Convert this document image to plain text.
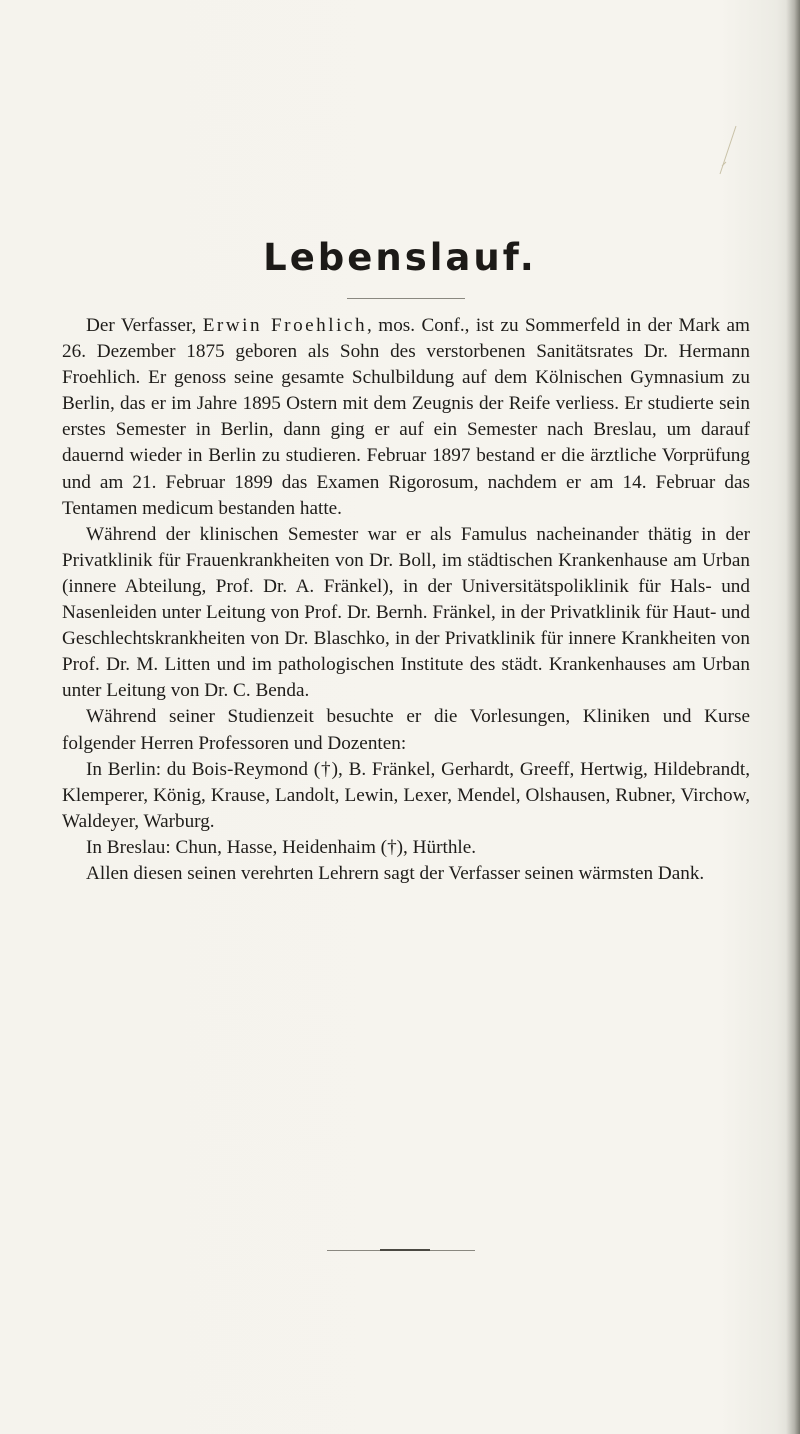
Lebenslauf.

Der Verfasser, Erwin Froehlich, mos. Conf., ist zu Sommerfeld in der Mark am 26. Dezember 1875 geboren als Sohn des verstorbenen Sanitätsrates Dr. Hermann Froehlich. Er genoss seine gesamte Schulbildung auf dem Kölnischen Gymnasium zu Berlin, das er im Jahre 1895 Ostern mit dem Zeugnis der Reife verliess. Er studierte sein erstes Semester in Berlin, dann ging er auf ein Semester nach Breslau, um darauf dauernd wieder in Berlin zu studieren. Februar 1897 bestand er die ärztliche Vorprüfung und am 21. Februar 1899 das Examen Rigorosum, nachdem er am 14. Februar das Tentamen medicum bestanden hatte.

Während der klinischen Semester war er als Famulus nacheinander thätig in der Privatklinik für Frauenkrankheiten von Dr. Boll, im städtischen Krankenhause am Urban (innere Abteilung, Prof. Dr. A. Fränkel), in der Universitätspoliklinik für Hals- und Nasenleiden unter Leitung von Prof. Dr. Bernh. Fränkel, in der Privatklinik für Haut- und Geschlechtskrankheiten von Dr. Blaschko, in der Privatklinik für innere Krankheiten von Prof. Dr. M. Litten und im pathologischen Institute des städt. Krankenhauses am Urban unter Leitung von Dr. C. Benda.

Während seiner Studienzeit besuchte er die Vorlesungen, Kliniken und Kurse folgender Herren Professoren und Dozenten:

In Berlin: du Bois-Reymond (†), B. Fränkel, Gerhardt, Greeff, Hertwig, Hildebrandt, Klemperer, König, Krause, Landolt, Lewin, Lexer, Mendel, Olshausen, Rubner, Virchow, Waldeyer, Warburg.

In Breslau: Chun, Hasse, Heidenhaim (†), Hürthle.

Allen diesen seinen verehrten Lehrern sagt der Verfasser seinen wärmsten Dank.
